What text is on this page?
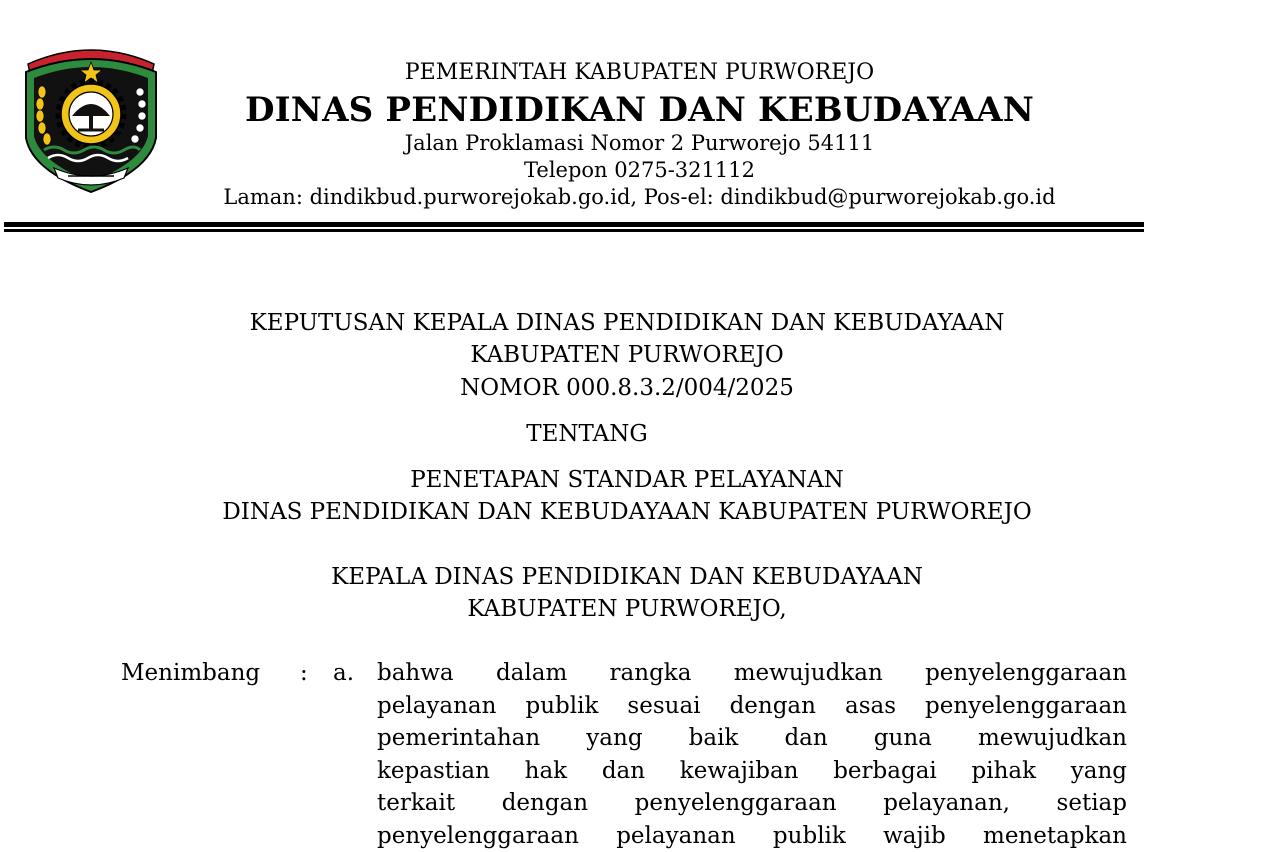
PEMERINTAH KABUPATEN PURWOREJO
DINAS PENDIDIKAN DAN KEBUDAYAAN
Jalan Proklamasi Nomor 2 Purworejo 54111
Telepon 0275-321112
Laman: dindikbud.purworejokab.go.id, Pos-el: dindikbud@purworejokab.go.id
KEPUTUSAN KEPALA DINAS PENDIDIKAN DAN KEBUDAYAAN
KABUPATEN PURWOREJO
NOMOR 000.8.3.2/004/2025
TENTANG
PENETAPAN STANDAR PELAYANAN
DINAS PENDIDIKAN DAN KEBUDAYAAN KABUPATEN PURWOREJO
KEPALA DINAS PENDIDIKAN DAN KEBUDAYAAN
KABUPATEN PURWOREJO,
Menimbang : a. bahwa dalam rangka mewujudkan penyelenggaraan
pelayanan publik sesuai dengan asas penyelenggaraan
pemerintahan yang baik dan guna mewujudkan
kepastian hak dan kewajiban berbagai pihak yang
terkait dengan penyelenggaraan pelayanan, setiap
penyelenggaraan pelayanan publik wajib menetapkan
